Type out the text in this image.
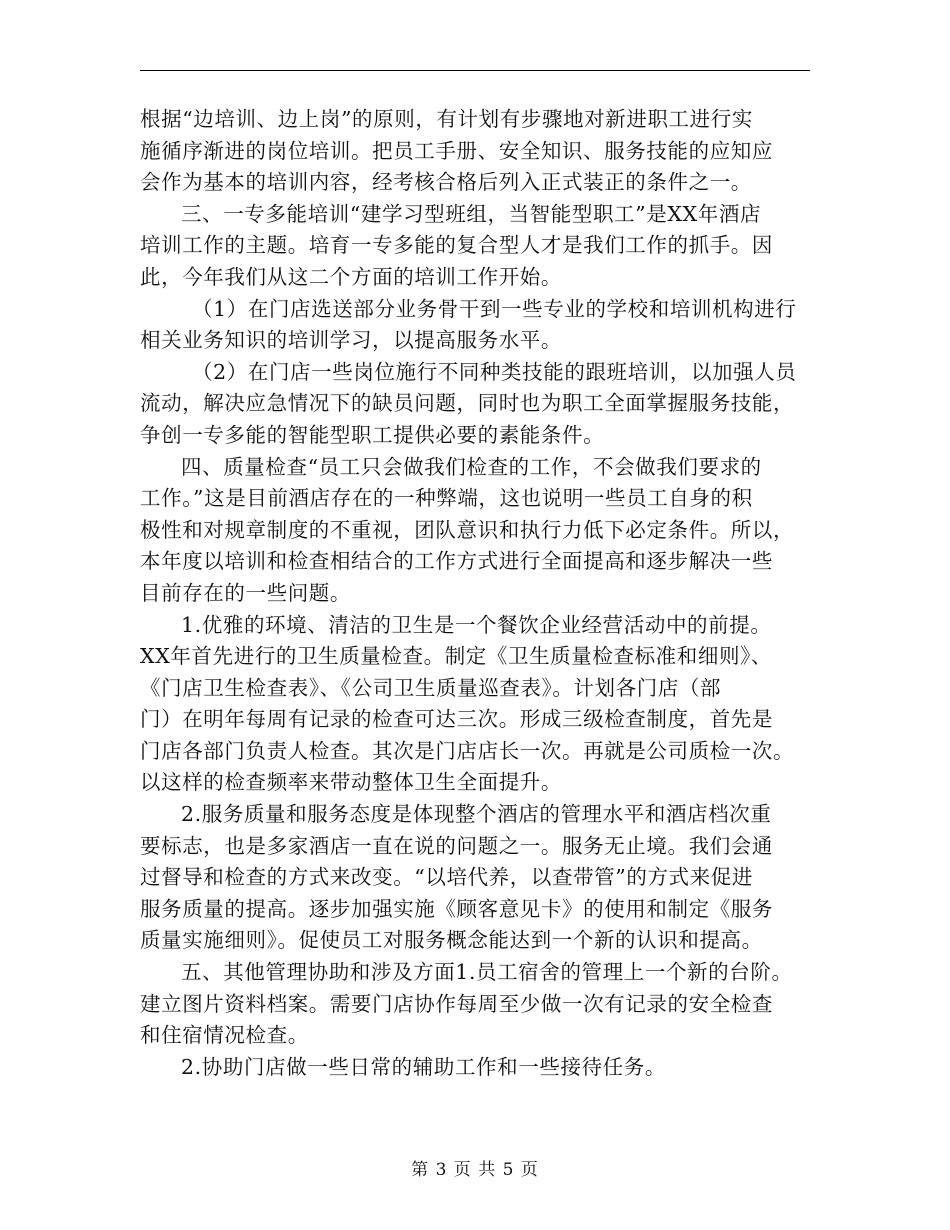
根据“边培训、边上岗”的原则，有计划有步骤地对新进职工进行实

施循序渐进的岗位培训。把员工手册、安全知识、服务技能的应知应

会作为基本的培训内容，经考核合格后列入正式装正的条件之一。

三、一专多能培训“建学习型班组，当智能型职工”是XX年酒店

培训工作的主题。培育一专多能的复合型人才是我们工作的抓手。因

此，今年我们从这二个方面的培训工作开始。

（1）在门店选送部分业务骨干到一些专业的学校和培训机构进行

相关业务知识的培训学习，以提高服务水平。

（2）在门店一些岗位施行不同种类技能的跟班培训，以加强人员

流动，解决应急情况下的缺员问题，同时也为职工全面掌握服务技能，

争创一专多能的智能型职工提供必要的素能条件。

四、质量检查“员工只会做我们检查的工作，不会做我们要求的

工作。”这是目前酒店存在的一种弊端，这也说明一些员工自身的积

极性和对规章制度的不重视，团队意识和执行力低下必定条件。所以，

本年度以培训和检查相结合的工作方式进行全面提高和逐步解决一些

目前存在的一些问题。

1.优雅的环境、清洁的卫生是一个餐饮企业经营活动中的前提。

XX年首先进行的卫生质量检查。制定《卫生质量检查标准和细则》、

《门店卫生检查表》、《公司卫生质量巡查表》。计划各门店（部

门）在明年每周有记录的检查可达三次。形成三级检查制度，首先是

门店各部门负责人检查。其次是门店店长一次。再就是公司质检一次。

以这样的检查频率来带动整体卫生全面提升。

2.服务质量和服务态度是体现整个酒店的管理水平和酒店档次重

要标志，也是多家酒店一直在说的问题之一。服务无止境。我们会通

过督导和检查的方式来改变。“以培代养，以查带管”的方式来促进

服务质量的提高。逐步加强实施《顾客意见卡》的使用和制定《服务

质量实施细则》。促使员工对服务概念能达到一个新的认识和提高。

五、其他管理协助和涉及方面1.员工宿舍的管理上一个新的台阶。

建立图片资料档案。需要门店协作每周至少做一次有记录的安全检查

和住宿情况检查。

2.协助门店做一些日常的辅助工作和一些接待任务。

第 3 页 共 5 页
